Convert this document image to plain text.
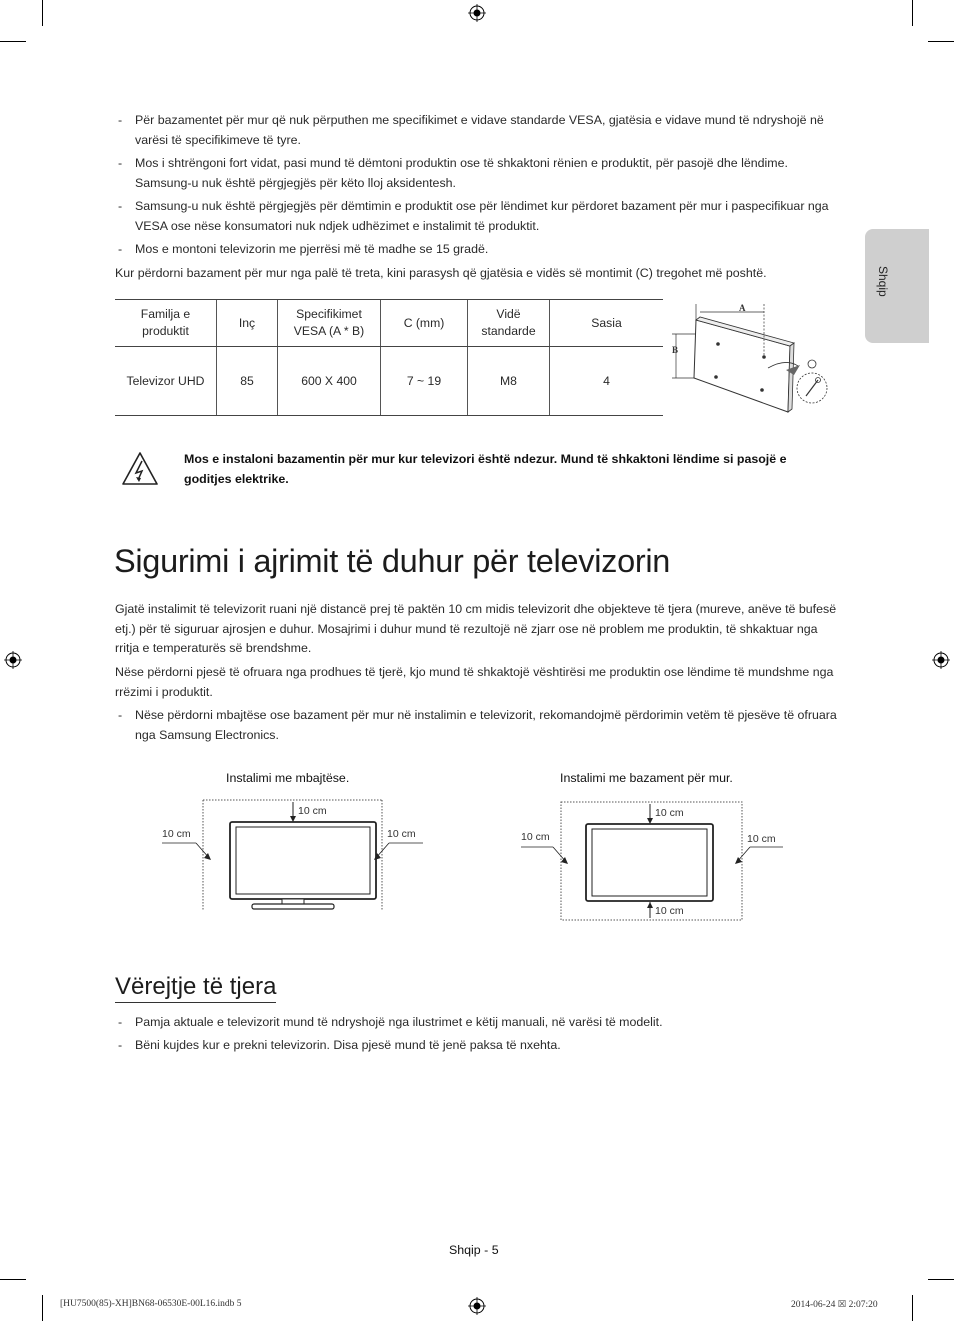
Shqip
- Për bazamentet për mur që nuk përputhen me specifikimet e vidave standarde VESA, gjatësia e vidave mund të ndryshojë në varësi të specifikimeve të tyre.
- Mos i shtrëngoni fort vidat, pasi mund të dëmtoni produktin ose të shkaktoni rënien e produktit, për pasojë dhe lëndime. Samsung-u nuk është përgjegjës për këto lloj aksidentesh.
- Samsung-u nuk është përgjegjës për dëmtimin e produktit ose për lëndimet kur përdoret bazament për mur i paspecifikuar nga VESA ose nëse konsumatori nuk ndjek udhëzimet e instalimit të produktit.
- Mos e montoni televizorin me pjerrësi më të madhe se 15 gradë.
Kur përdorni bazament për mur nga palë të treta, kini parasysh që gjatësia e vidës së montimit (C) tregohet më poshtë.
Familja e produktit	Inç	Specifikimet VESA (A * B)	C (mm)	Vidë standarde	Sasia
Televizor UHD	85	600 X 400	7 ~ 19	M8	4
A
B
Mos e instaloni bazamentin për mur kur televizori është ndezur. Mund të shkaktoni lëndime si pasojë e goditjes elektrike.
Sigurimi i ajrimit të duhur për televizorin
Gjatë instalimit të televizorit ruani një distancë prej të paktën 10 cm midis televizorit dhe objekteve të tjera (mureve, anëve të bufesë etj.) për të siguruar ajrosjen e duhur. Mosajrimi i duhur mund të rezultojë në zjarr ose në problem me produktin, të shkaktuar nga rritja e temperaturës së brendshme.
Nëse përdorni pjesë të ofruara nga prodhues të tjerë, kjo mund të shkaktojë vështirësi me produktin ose lëndime të mundshme nga rrëzimi i produktit.
- Nëse përdorni mbajtëse ose bazament për mur në instalimin e televizorit, rekomandojmë përdorimin vetëm të pjesëve të ofruara nga Samsung Electronics.
Instalimi me mbajtëse.
10 cm
10 cm	10 cm
Instalimi me bazament për mur.
10 cm
10 cm	10 cm
10 cm
Vërejtje të tjera
- Pamja aktuale e televizorit mund të ndryshojë nga ilustrimet e këtij manuali, në varësi të modelit.
- Bëni kujdes kur e prekni televizorin. Disa pjesë mund të jenë paksa të nxehta.
Shqip - 5
[HU7500(85)-XH]BN68-06530E-00L16.indb 5	2014-06-24 ☒ 2:07:20
